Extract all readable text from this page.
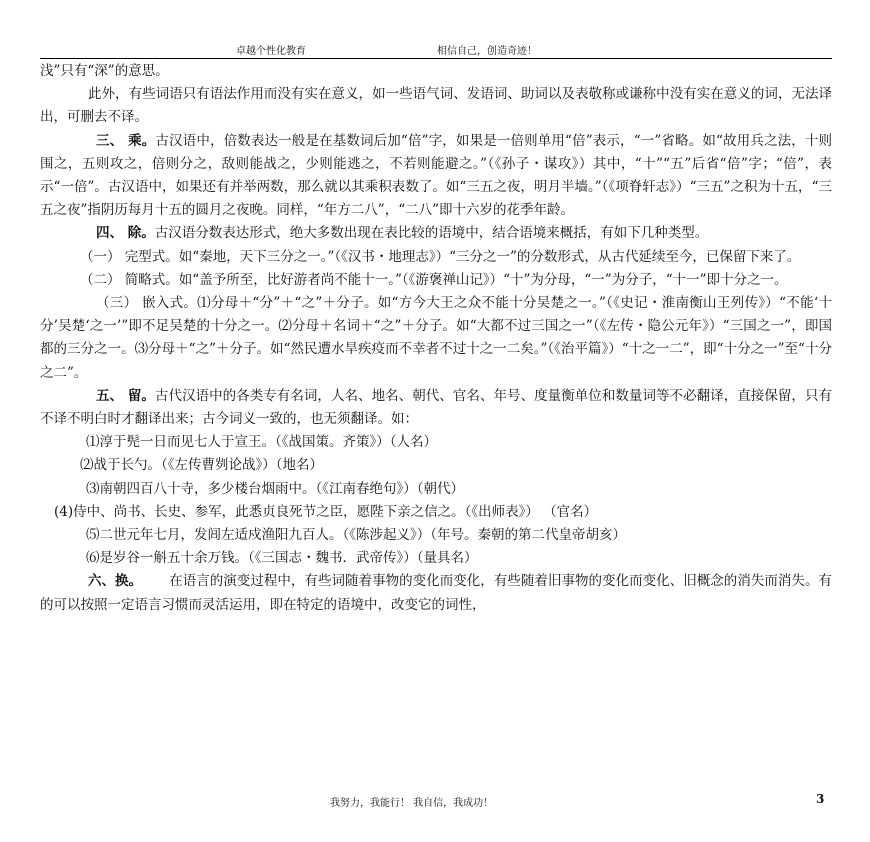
卓越个性化教育	相信自己，创造奇迹！

浅”只有“深”的意思。

此外，有些词语只有语法作用而没有实在意义，如一些语气词、发语词、助词以及表敬称或谦称中没有实在意义的词，无法译出，可删去不译。

三、 乘。古汉语中，倍数表达一般是在基数词后加“倍”字，如果是一倍则单用“倍”表示，“一”省略。如“故用兵之法，十则围之，五则攻之，倍则分之，敌则能战之，少则能逃之，不若则能避之。”（《孙子・谋攻》）其中，“十”“五”后省“倍”字；“倍”，表示“一倍”。古汉语中，如果还有并举两数，那么就以其乘积表数了。如“三五之夜，明月半墙。”（《项脊轩志》）“三五”之积为十五，“三五之夜”指阴历每月十五的圆月之夜晚。同样，“年方二八”，“二八”即十六岁的花季年龄。

四、 除。古汉语分数表达形式，绝大多数出现在表比较的语境中，结合语境来概括，有如下几种类型。

（一） 完型式。如“秦地，天下三分之一。”（《汉书・地理志》）“三分之一”的分数形式，从古代延续至今，已保留下来了。

（二） 简略式。如“盖予所至，比好游者尚不能十一。”（《游褒禅山记》）“十”为分母，“一”为分子，“十一”即十分之一。

（三） 嵌入式。⑴分母＋“分”＋“之”＋分子。如“方今大王之众不能十分吴楚之一。”（《史记・淮南衡山王列传》）“不能‘十分’吴楚‘之一’”即不足吴楚的十分之一。⑵分母＋名词＋“之”＋分子。如“大都不过三国之一”（《左传・隐公元年》）“三国之一”，即国都的三分之一。⑶分母＋“之”＋分子。如“然民遭水旱疾疫而不幸者不过十之一二矣。”（《治平篇》）“十之一二”，即“十分之一”至“十分之二”。

五、 留。古代汉语中的各类专有名词，人名、地名、朝代、官名、年号、度量衡单位和数量词等不必翻译，直接保留，只有不译不明白时才翻译出来；古今词义一致的，也无须翻译。如：

⑴淳于髡一日而见七人于宣王。（《战国策。齐策》）（人名）

⑵战于长勺。（《左传曹刿论战》）（地名）

⑶南朝四百八十寺，多少楼台烟雨中。（《江南春绝句》）（朝代）

(4)侍中、尚书、长史、参军，此悉贞良死节之臣，愿陛下亲之信之。（《出师表》） （官名）

⑸二世元年七月，发闾左适戍渔阳九百人。（《陈涉起义》）（年号。秦朝的第二代皇帝胡亥）

⑹是岁谷一斛五十余万钱。（《三国志・魏书．武帝传》）（量具名）

六、换。   在语言的演变过程中，有些词随着事物的变化而变化，有些随着旧事物的变化而变化、旧概念的消失而消失。有的可以按照一定语言习惯而灵活运用，即在特定的语境中，改变它的词性，

我努力，我能行！ 我自信，我成功！	3
